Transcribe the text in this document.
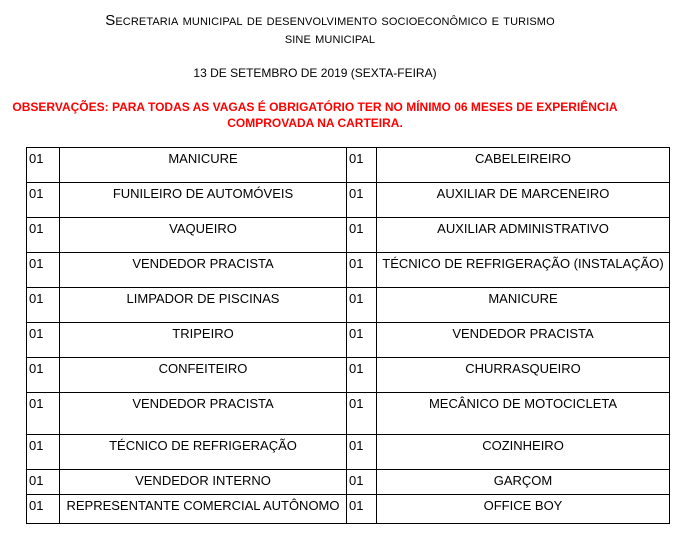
Secretaria municipal de desenvolvimento socioeconômico e turismo
sine municipal
13 DE SETEMBRO DE 2019 (SEXTA-FEIRA)
OBSERVAÇÕES: PARA TODAS AS VAGAS É OBRIGATÓRIO TER NO MÍNIMO 06 MESES DE EXPERIÊNCIA
COMPROVADA NA CARTEIRA.
01	MANICURE	01	CABELEIREIRO
01	FUNILEIRO DE AUTOMÓVEIS	01	AUXILIAR DE MARCENEIRO
01	VAQUEIRO	01	AUXILIAR ADMINISTRATIVO
01	VENDEDOR PRACISTA	01	TÉCNICO DE REFRIGERAÇÃO (INSTALAÇÃO)
01	LIMPADOR DE PISCINAS	01	MANICURE
01	TRIPEIRO	01	VENDEDOR PRACISTA
01	CONFEITEIRO	01	CHURRASQUEIRO
01	VENDEDOR PRACISTA	01	MECÂNICO DE MOTOCICLETA
01	TÉCNICO DE REFRIGERAÇÃO	01	COZINHEIRO
01	VENDEDOR INTERNO	01	GARÇOM
01	REPRESENTANTE COMERCIAL AUTÔNOMO	01	OFFICE BOY
